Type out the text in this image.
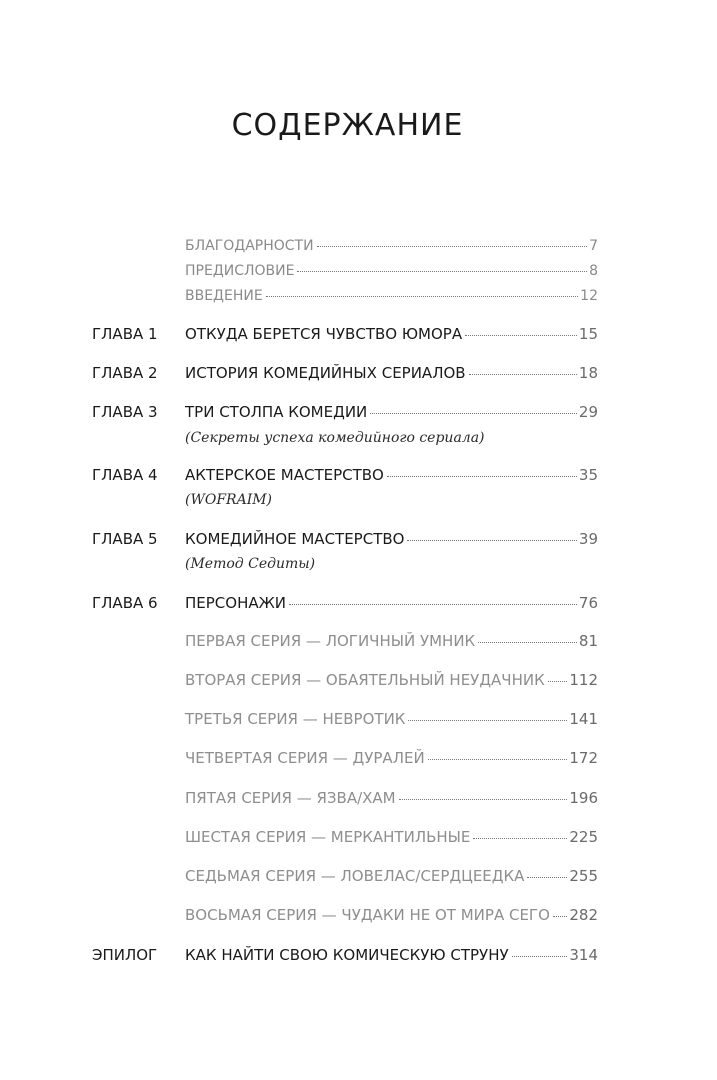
СОДЕРЖАНИЕ
БЛАГОДАРНОСТИ	7
ПРЕДИСЛОВИЕ	8
ВВЕДЕНИЕ	12
ГЛАВА 1 ОТКУДА БЕРЕТСЯ ЧУВСТВО ЮМОРА	15
ГЛАВА 2 ИСТОРИЯ КОМЕДИЙНЫХ СЕРИАЛОВ	18
ГЛАВА 3 ТРИ СТОЛПА КОМЕДИИ	29
(Секреты успеха комедийного сериала)
ГЛАВА 4 АКТЕРСКОЕ МАСТЕРСТВО	35
(WOFRAIM)
ГЛАВА 5 КОМЕДИЙНОЕ МАСТЕРСТВО	39
(Метод Седиты)
ГЛАВА 6 ПЕРСОНАЖИ	76
ПЕРВАЯ СЕРИЯ — ЛОГИЧНЫЙ УМНИК	81
ВТОРАЯ СЕРИЯ — ОБАЯТЕЛЬНЫЙ НЕУДАЧНИК 112
ТРЕТЬЯ СЕРИЯ — НЕВРОТИК	141
ЧЕТВЕРТАЯ СЕРИЯ — ДУРАЛЕЙ	172
ПЯТАЯ СЕРИЯ — ЯЗВА/ХАМ	196
ШЕСТАЯ СЕРИЯ — МЕРКАНТИЛЬНЫЕ	225
СЕДЬМАЯ СЕРИЯ — ЛОВЕЛАС/СЕРДЦЕЕДКА	255
ВОСЬМАЯ СЕРИЯ — ЧУДАКИ НЕ ОТ МИРА СЕГО 282
ЭПИЛОГ КАК НАЙТИ СВОЮ КОМИЧЕСКУЮ СТРУНУ	314
